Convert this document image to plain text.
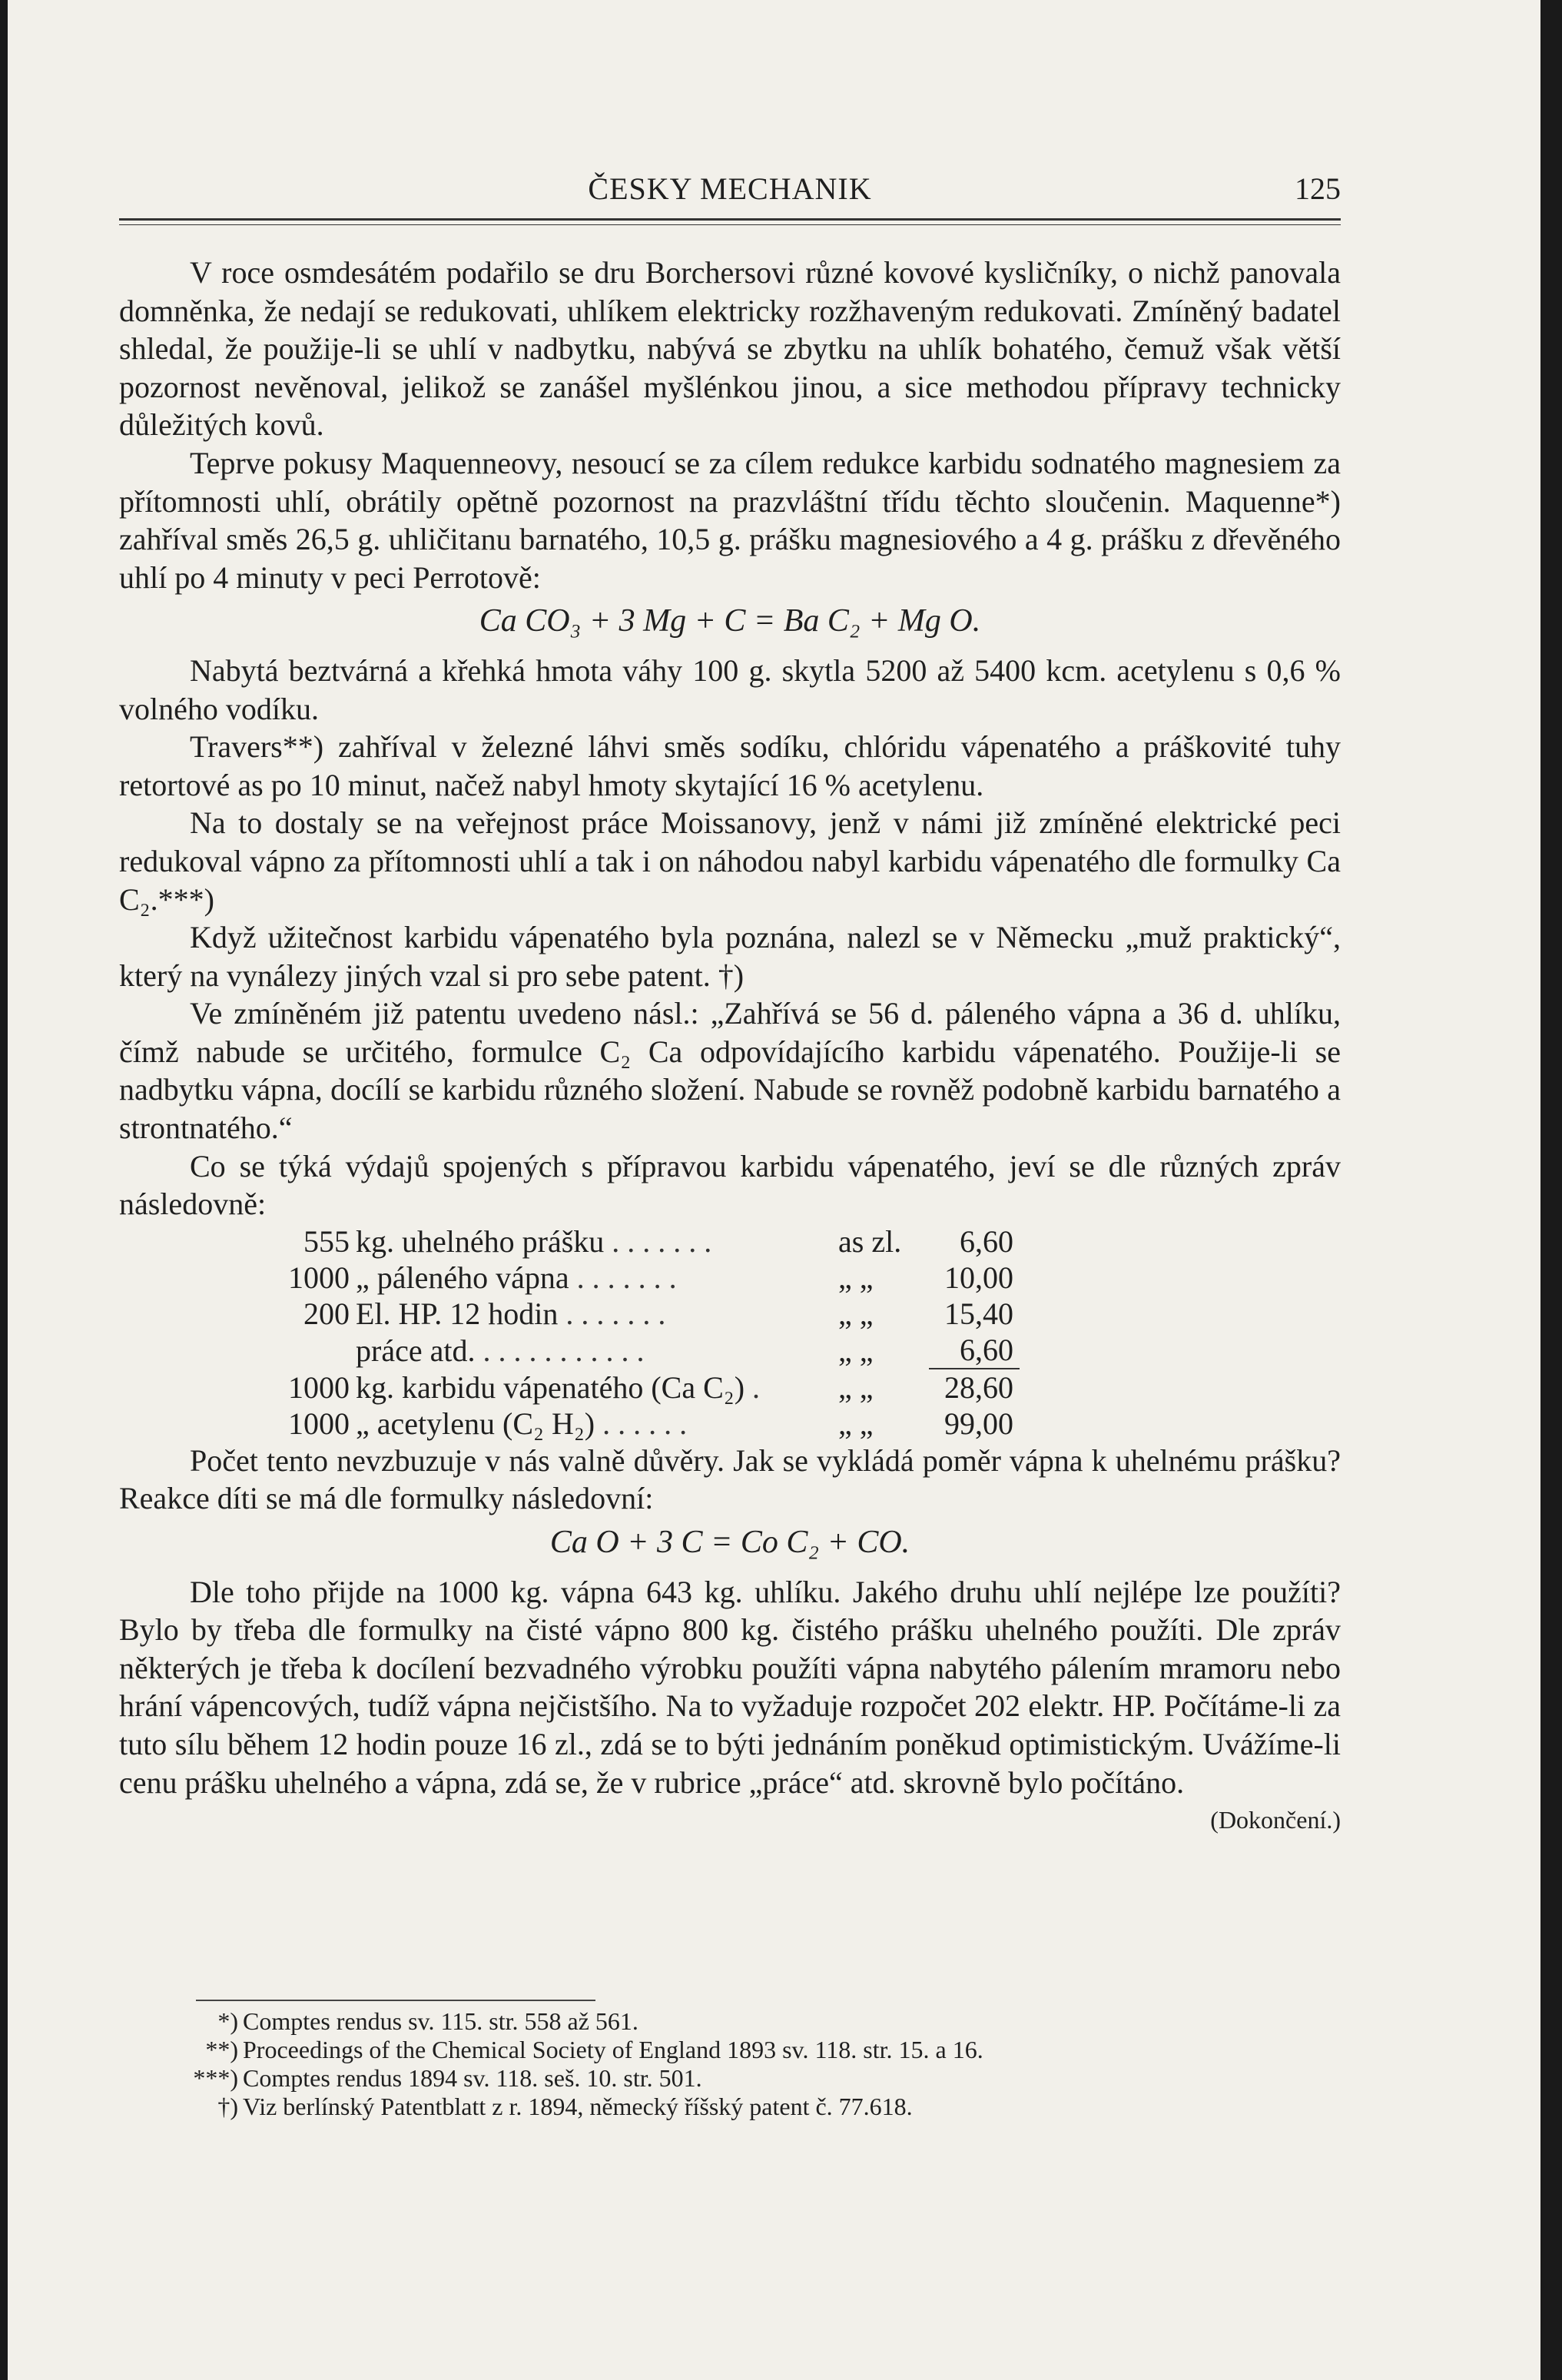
ČESKY MECHANIK	125

V roce osmdesátém podařilo se dru Borchersovi různé kovové kysličníky, o nichž panovala domněnka, že nedají se redukovati, uhlíkem elektricky rozžhaveným redukovati. Zmíněný badatel shledal, že použije-li se uhlí v nadbytku, nabývá se zbytku na uhlík bohatého, čemuž však větší pozornost nevěnoval, jelikož se zanášel myšlénkou jinou, a sice methodou přípravy technicky důležitých kovů.

Teprve pokusy Maquenneovy, nesoucí se za cílem redukce karbidu sodnatého magnesiem za přítomnosti uhlí, obrátily opětně pozornost na prazvláštní třídu těchto sloučenin. Maquenne*) zahříval směs 26,5 g. uhličitanu barnatého, 10,5 g. prášku magnesiového a 4 g. prášku z dřevěného uhlí po 4 minuty v peci Perrotově:

Ca CO₃ + 3 Mg + C = Ba C₂ + Mg O.

Nabytá beztvárná a křehká hmota váhy 100 g. skytla 5200 až 5400 kcm. acetylenu s 0,6 % volného vodíku.

Travers**) zahříval v železné láhvi směs sodíku, chlóridu vápenatého a práškovité tuhy retortové as po 10 minut, načež nabyl hmoty skytající 16 % acetylenu.

Na to dostaly se na veřejnost práce Moissanovy, jenž v námi již zmíněné elektrické peci redukoval vápno za přítomnosti uhlí a tak i on náhodou nabyl karbidu vápenatého dle formulky Ca C₂.***)

Když užitečnost karbidu vápenatého byla poznána, nalezl se v Německu „muž praktický“, který na vynálezy jiných vzal si pro sebe patent. †)

Ve zmíněném již patentu uvedeno násl.: „Zahřívá se 56 d. páleného vápna a 36 d. uhlíku, čímž nabude se určitého, formulce C₂ Ca odpovídajícího karbidu vápenatého. Použije-li se nadbytku vápna, docílí se karbidu různého složení. Nabude se rovněž podobně karbidu barnatého a strontnatého.“

Co se týká výdajů spojených s přípravou karbidu vápenatého, jeví se dle různých zpráv následovně:

555	kg. uhelného prášku .......	as zl.	6,60
1000	„ páleného vápna .......	„ „	10,00
200	El. HP. 12 hodin .......	„ „	15,40
	práce atd. ...........	„ „	6,60
1000	kg. karbidu vápenatého (Ca C₂) .	„ „	28,60
1000	„ acetylenu (C₂ H₂) ......	„ „	99,00

Počet tento nevzbuzuje v nás valně důvěry. Jak se vykládá poměr vápna k uhelnému prášku? Reakce díti se má dle formulky následovní:

Ca O + 3 C = Co C₂ + CO.

Dle toho přijde na 1000 kg. vápna 643 kg. uhlíku. Jakého druhu uhlí nejlépe lze použíti? Bylo by třeba dle formulky na čisté vápno 800 kg. čistého prášku uhelného použíti. Dle zpráv některých je třeba k docílení bezvadného výrobku použíti vápna nabytého pálením mramoru nebo hrání vápencových, tudíž vápna nejčistšího. Na to vyžaduje rozpočet 202 elektr. HP. Počítáme-li za tuto sílu během 12 hodin pouze 16 zl., zdá se to býti jednáním poněkud optimistickým. Uvážíme-li cenu prášku uhelného a vápna, zdá se, že v rubrice „práce“ atd. skrovně bylo počítáno.

(Dokončení.)
*) Comptes rendus sv. 115. str. 558 až 561.
**) Proceedings of the Chemical Society of England 1893 sv. 118. str. 15. a 16.
***) Comptes rendus 1894 sv. 118. seš. 10. str. 501.
†) Viz berlínský Patentblatt z r. 1894, německý říšský patent č. 77.618.
